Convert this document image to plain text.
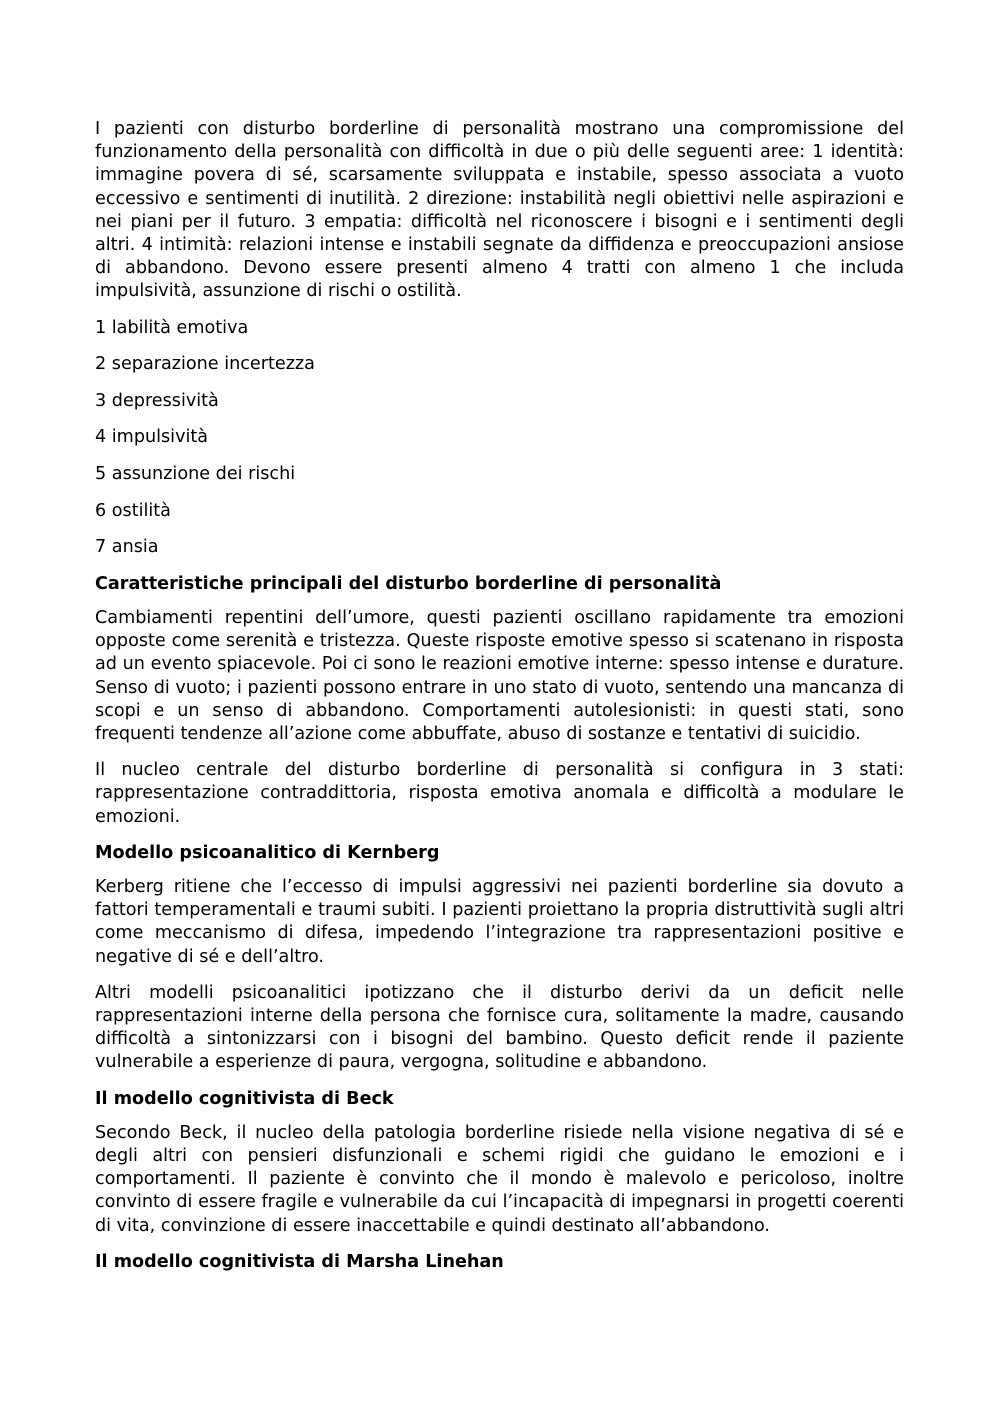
I pazienti con disturbo borderline di personalità mostrano una compromissione del funzionamento della personalità con difficoltà in due o più delle seguenti aree: 1 identità: immagine povera di sé, scarsamente sviluppata e instabile, spesso associata a vuoto eccessivo e sentimenti di inutilità. 2 direzione: instabilità negli obiettivi nelle aspirazioni e nei piani per il futuro. 3 empatia: difficoltà nel riconoscere i bisogni e i sentimenti degli altri. 4 intimità: relazioni intense e instabili segnate da diffidenza e preoccupazioni ansiose di abbandono. Devono essere presenti almeno 4 tratti con almeno 1 che includa impulsività, assunzione di rischi o ostilità.

1 labilità emotiva

2 separazione incertezza

3 depressività

4 impulsività

5 assunzione dei rischi

6 ostilità

7 ansia

Caratteristiche principali del disturbo borderline di personalità

Cambiamenti repentini dell’umore, questi pazienti oscillano rapidamente tra emozioni opposte come serenità e tristezza. Queste risposte emotive spesso si scatenano in risposta ad un evento spiacevole. Poi ci sono le reazioni emotive interne: spesso intense e durature. Senso di vuoto; i pazienti possono entrare in uno stato di vuoto, sentendo una mancanza di scopi e un senso di abbandono. Comportamenti autolesionisti: in questi stati, sono frequenti tendenze all’azione come abbuffate, abuso di sostanze e tentativi di suicidio.

Il nucleo centrale del disturbo borderline di personalità si configura in 3 stati: rappresentazione contraddittoria, risposta emotiva anomala e difficoltà a modulare le emozioni.

Modello psicoanalitico di Kernberg

Kerberg ritiene che l’eccesso di impulsi aggressivi nei pazienti borderline sia dovuto a fattori temperamentali e traumi subiti. I pazienti proiettano la propria distruttività sugli altri come meccanismo di difesa, impedendo l’integrazione tra rappresentazioni positive e negative di sé e dell’altro.

Altri modelli psicoanalitici ipotizzano che il disturbo derivi da un deficit nelle rappresentazioni interne della persona che fornisce cura, solitamente la madre, causando difficoltà a sintonizzarsi con i bisogni del bambino. Questo deficit rende il paziente vulnerabile a esperienze di paura, vergogna, solitudine e abbandono.

Il modello cognitivista di Beck

Secondo Beck, il nucleo della patologia borderline risiede nella visione negativa di sé e degli altri con pensieri disfunzionali e schemi rigidi che guidano le emozioni e i comportamenti. Il paziente è convinto che il mondo è malevolo e pericoloso, inoltre convinto di essere fragile e vulnerabile da cui l’incapacità di impegnarsi in progetti coerenti di vita, convinzione di essere inaccettabile e quindi destinato all’abbandono.

Il modello cognitivista di Marsha Linehan
